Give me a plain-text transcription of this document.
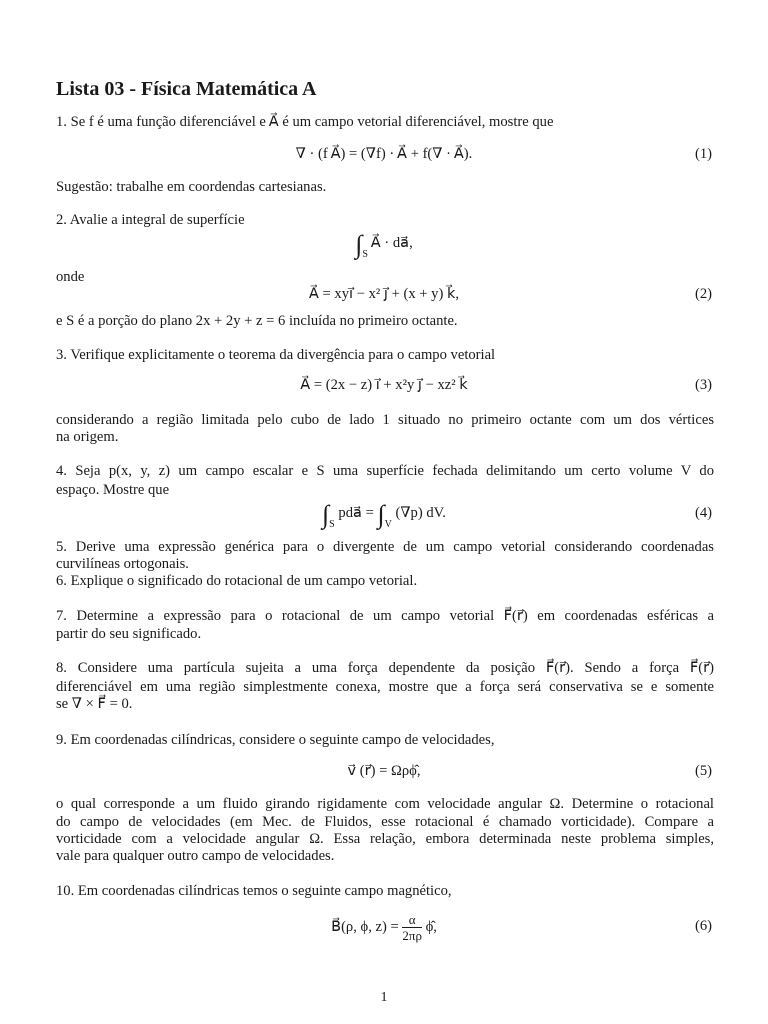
Lista 03 - Física Matemática A
1. Se f é uma função diferenciável e A⃗ é um campo vetorial diferenciável, mostre que
∇ · (f A⃗) = (∇f) · A⃗ + f(∇ · A⃗).	(1)
Sugestão: trabalhe em coordendas cartesianas.
2. Avalie a integral de superfície
$\int_S$ A⃗ · da⃗,
onde
A⃗ = xyi⃗ − x² j⃗ + (x + y) k⃗,	(2)
e S é a porção do plano 2x + 2y + z = 6 incluída no primeiro octante.
3. Verifique explicitamente o teorema da divergência para o campo vetorial
A⃗ = (2x − z) i⃗ + x²y j⃗ − xz² k⃗	(3)
considerando a região limitada pelo cubo de lado 1 situado no primeiro octante com um dos vértices
na origem.
4. Seja p(x, y, z) um campo escalar e S uma superfície fechada delimitando um certo volume V do
espaço. Mostre que
$\int_S$ pda⃗ = $\int_V$ (∇p) dV.	(4)
5. Derive uma expressão genérica para o divergente de um campo vetorial considerando coordenadas
curvilíneas ortogonais.
6. Explique o significado do rotacional de um campo vetorial.
7. Determine a expressão para o rotacional de um campo vetorial F⃗(r⃗) em coordenadas esféricas a
partir do seu significado.
8. Considere uma partícula sujeita a uma força dependente da posição F⃗(r⃗). Sendo a força F⃗(r⃗)
diferenciável em uma região simplestmente conexa, mostre que a força será conservativa se e somente
se ∇ × F⃗ = 0.
9. Em coordenadas cilíndricas, considere o seguinte campo de velocidades,
v⃗ (r⃗) = Ωρϕ̂,	(5)
o qual corresponde a um fluido girando rigidamente com velocidade angular Ω. Determine o rotacional
do campo de velocidades (em Mec. de Fluidos, esse rotacional é chamado vorticidade). Compare a
vorticidade com a velocidade angular Ω. Essa relação, embora determinada neste problema simples,
vale para qualquer outro campo de velocidades.
10. Em coordenadas cilíndricas temos o seguinte campo magnético,
B⃗(ρ, ϕ, $z) = \frac{\alpha}{2\pi\rho}$ ϕ̂,	(6)
1
